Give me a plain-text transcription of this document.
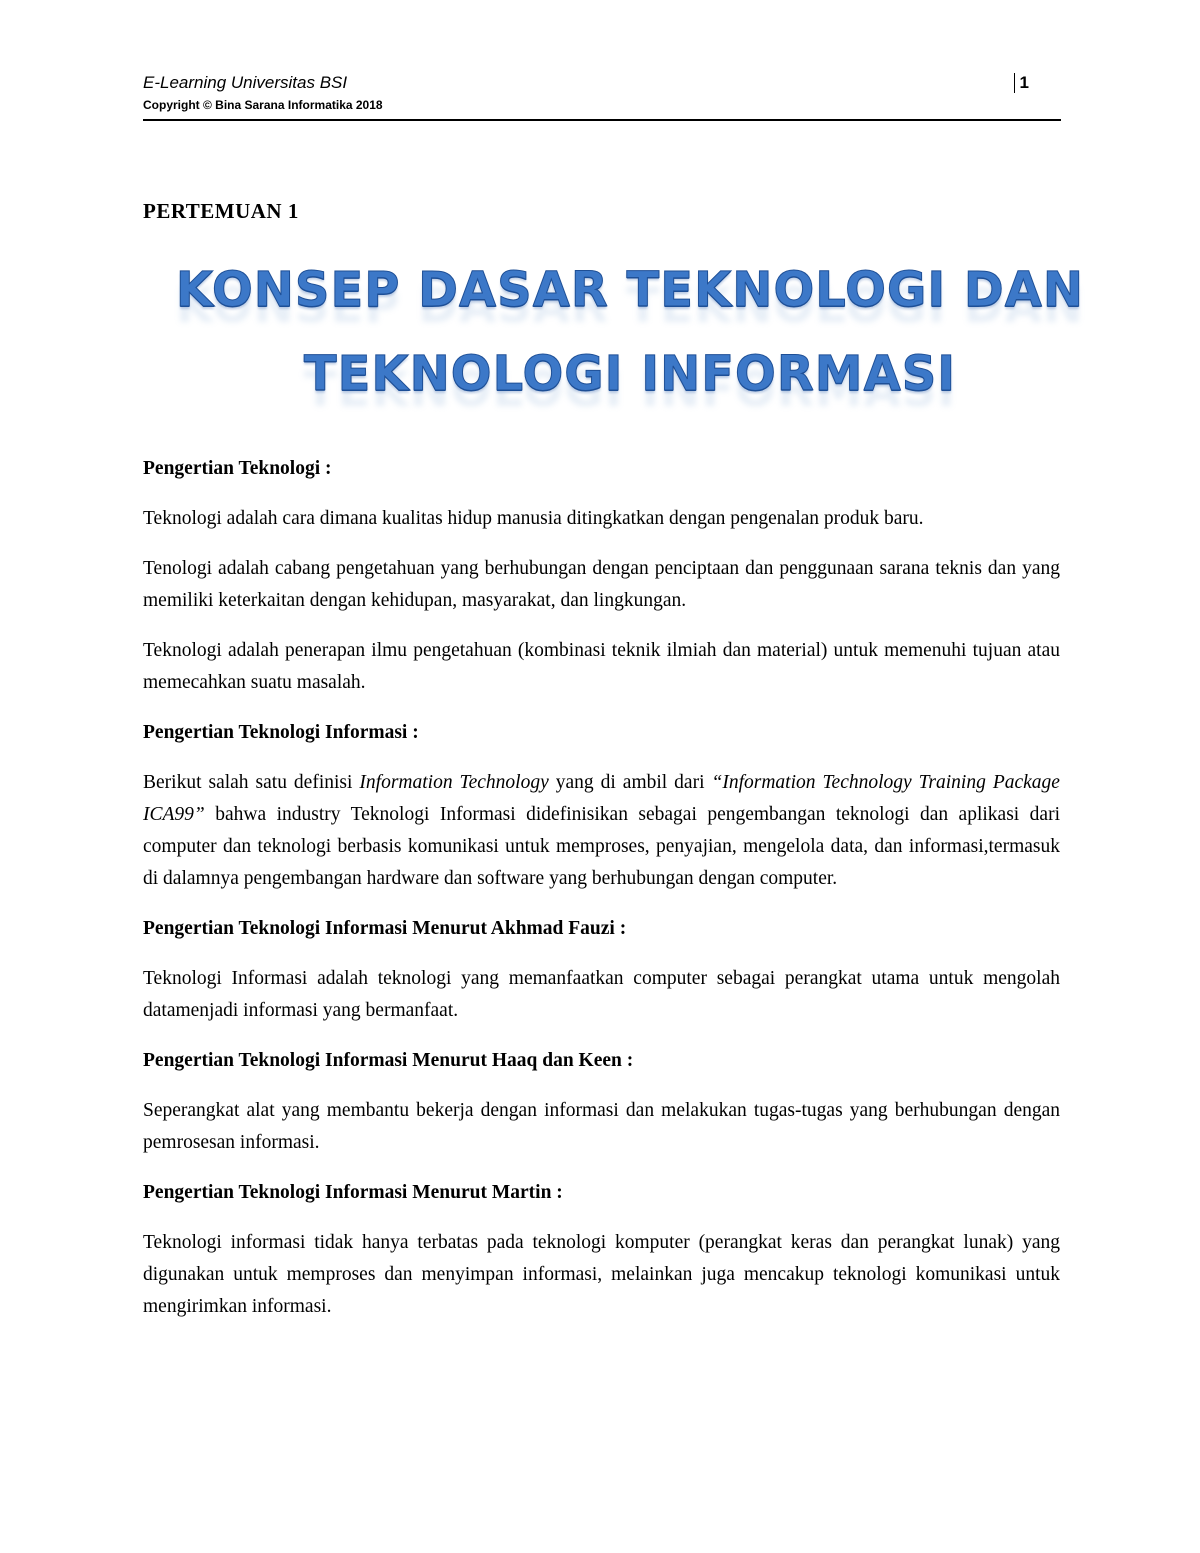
E-Learning Universitas BSI
Copyright © Bina Sarana Informatika 2018
1
PERTEMUAN 1

KONSEP DASAR TEKNOLOGI DAN

TEKNOLOGI INFORMASI

Pengertian Teknologi :

Teknologi adalah cara dimana kualitas hidup manusia ditingkatkan dengan pengenalan produk baru.

Tenologi adalah cabang pengetahuan yang berhubungan dengan penciptaan dan penggunaan sarana teknis dan yang memiliki keterkaitan dengan kehidupan, masyarakat, dan lingkungan.

Teknologi adalah penerapan ilmu pengetahuan (kombinasi teknik ilmiah dan material) untuk memenuhi tujuan atau memecahkan suatu masalah.

Pengertian Teknologi Informasi :

Berikut salah satu definisi Information Technology yang di ambil dari “Information Technology Training Package ICA99” bahwa industry Teknologi Informasi didefinisikan sebagai pengembangan teknologi dan aplikasi dari computer dan teknologi berbasis komunikasi untuk memproses, penyajian, mengelola data, dan informasi,termasuk di dalamnya pengembangan hardware dan software yang berhubungan dengan computer.

Pengertian Teknologi Informasi Menurut Akhmad Fauzi :

Teknologi Informasi adalah teknologi yang memanfaatkan computer sebagai perangkat utama untuk mengolah datamenjadi informasi yang bermanfaat.

Pengertian Teknologi Informasi Menurut Haaq dan Keen :

Seperangkat alat yang membantu bekerja dengan informasi dan melakukan tugas-tugas yang berhubungan dengan pemrosesan informasi.

Pengertian Teknologi Informasi Menurut Martin :

Teknologi informasi tidak hanya terbatas pada teknologi komputer (perangkat keras dan perangkat lunak) yang digunakan untuk memproses dan menyimpan informasi, melainkan juga mencakup teknologi komunikasi untuk mengirimkan informasi.
